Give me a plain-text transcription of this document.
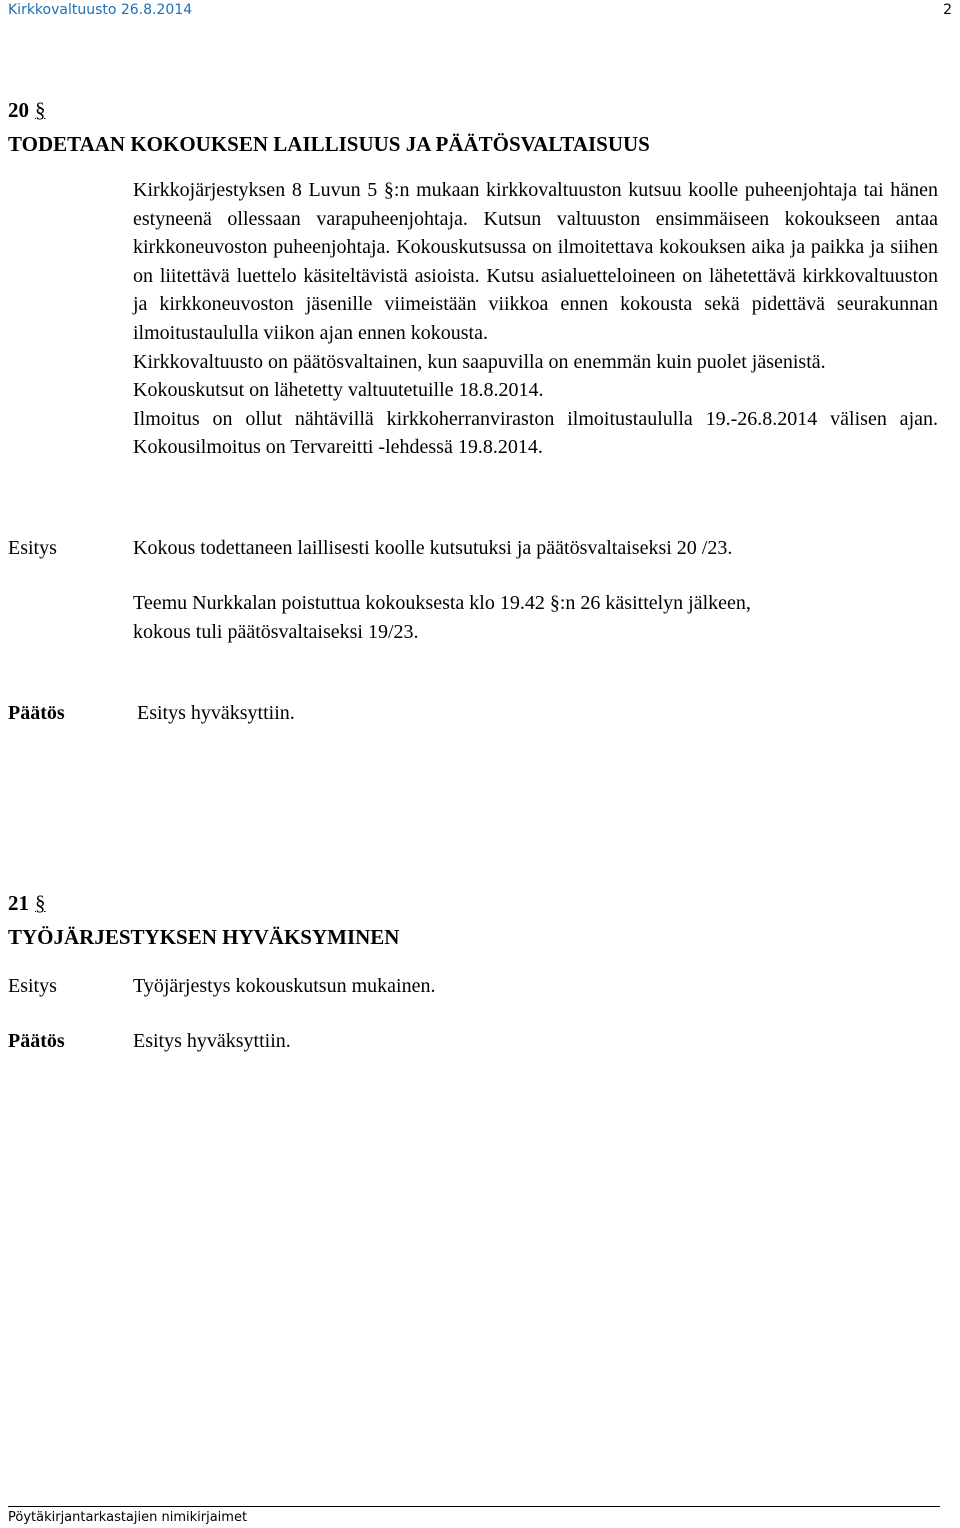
Kirkkovaltuusto 26.8.2014	2
20 §
TODETAAN KOKOUKSEN LAILLISUUS JA PÄÄTÖSVALTAISUUS

Kirkkojärjestyksen 8 Luvun 5 §:n mukaan kirkkovaltuuston kutsuu koolle puheenjohtaja tai hänen estyneenä ollessaan varapuheenjohtaja. Kutsun valtuuston ensimmäiseen kokoukseen antaa kirkkoneuvoston puheenjohtaja. Kokouskutsussa on ilmoitettava kokouksen aika ja paikka ja siihen on liitettävä luettelo käsiteltävistä asioista. Kutsu asialuetteloineen on lähetettävä kirkkovaltuuston ja kirkkoneuvoston jäsenille viimeistään viikkoa ennen kokousta sekä pidettävä seurakunnan ilmoitustaululla viikon ajan ennen kokousta.

Kirkkovaltuusto on päätösvaltainen, kun saapuvilla on enemmän kuin puolet jäsenistä.

Kokouskutsut on lähetetty valtuutetuille 18.8.2014.

Ilmoitus on ollut nähtävillä kirkkoherranviraston ilmoitustaululla 19.-26.8.2014 välisen ajan. Kokousilmoitus on Tervareitti -lehdessä 19.8.2014.

Esitys	Kokous todettaneen laillisesti koolle kutsutuksi ja päätösvaltaiseksi 20 /23.

Teemu Nurkkalan poistuttua kokouksesta klo 19.42 §:n 26 käsittelyn jälkeen,

kokous tuli päätösvaltaiseksi 19/23.

Päätös	Esitys hyväksyttiin.
21 §
TYÖJÄRJESTYKSEN HYVÄKSYMINEN
Esitys	Työjärjestys kokouskutsun mukainen.
Päätös	Esitys hyväksyttiin.
Pöytäkirjantarkastajien nimikirjaimet
